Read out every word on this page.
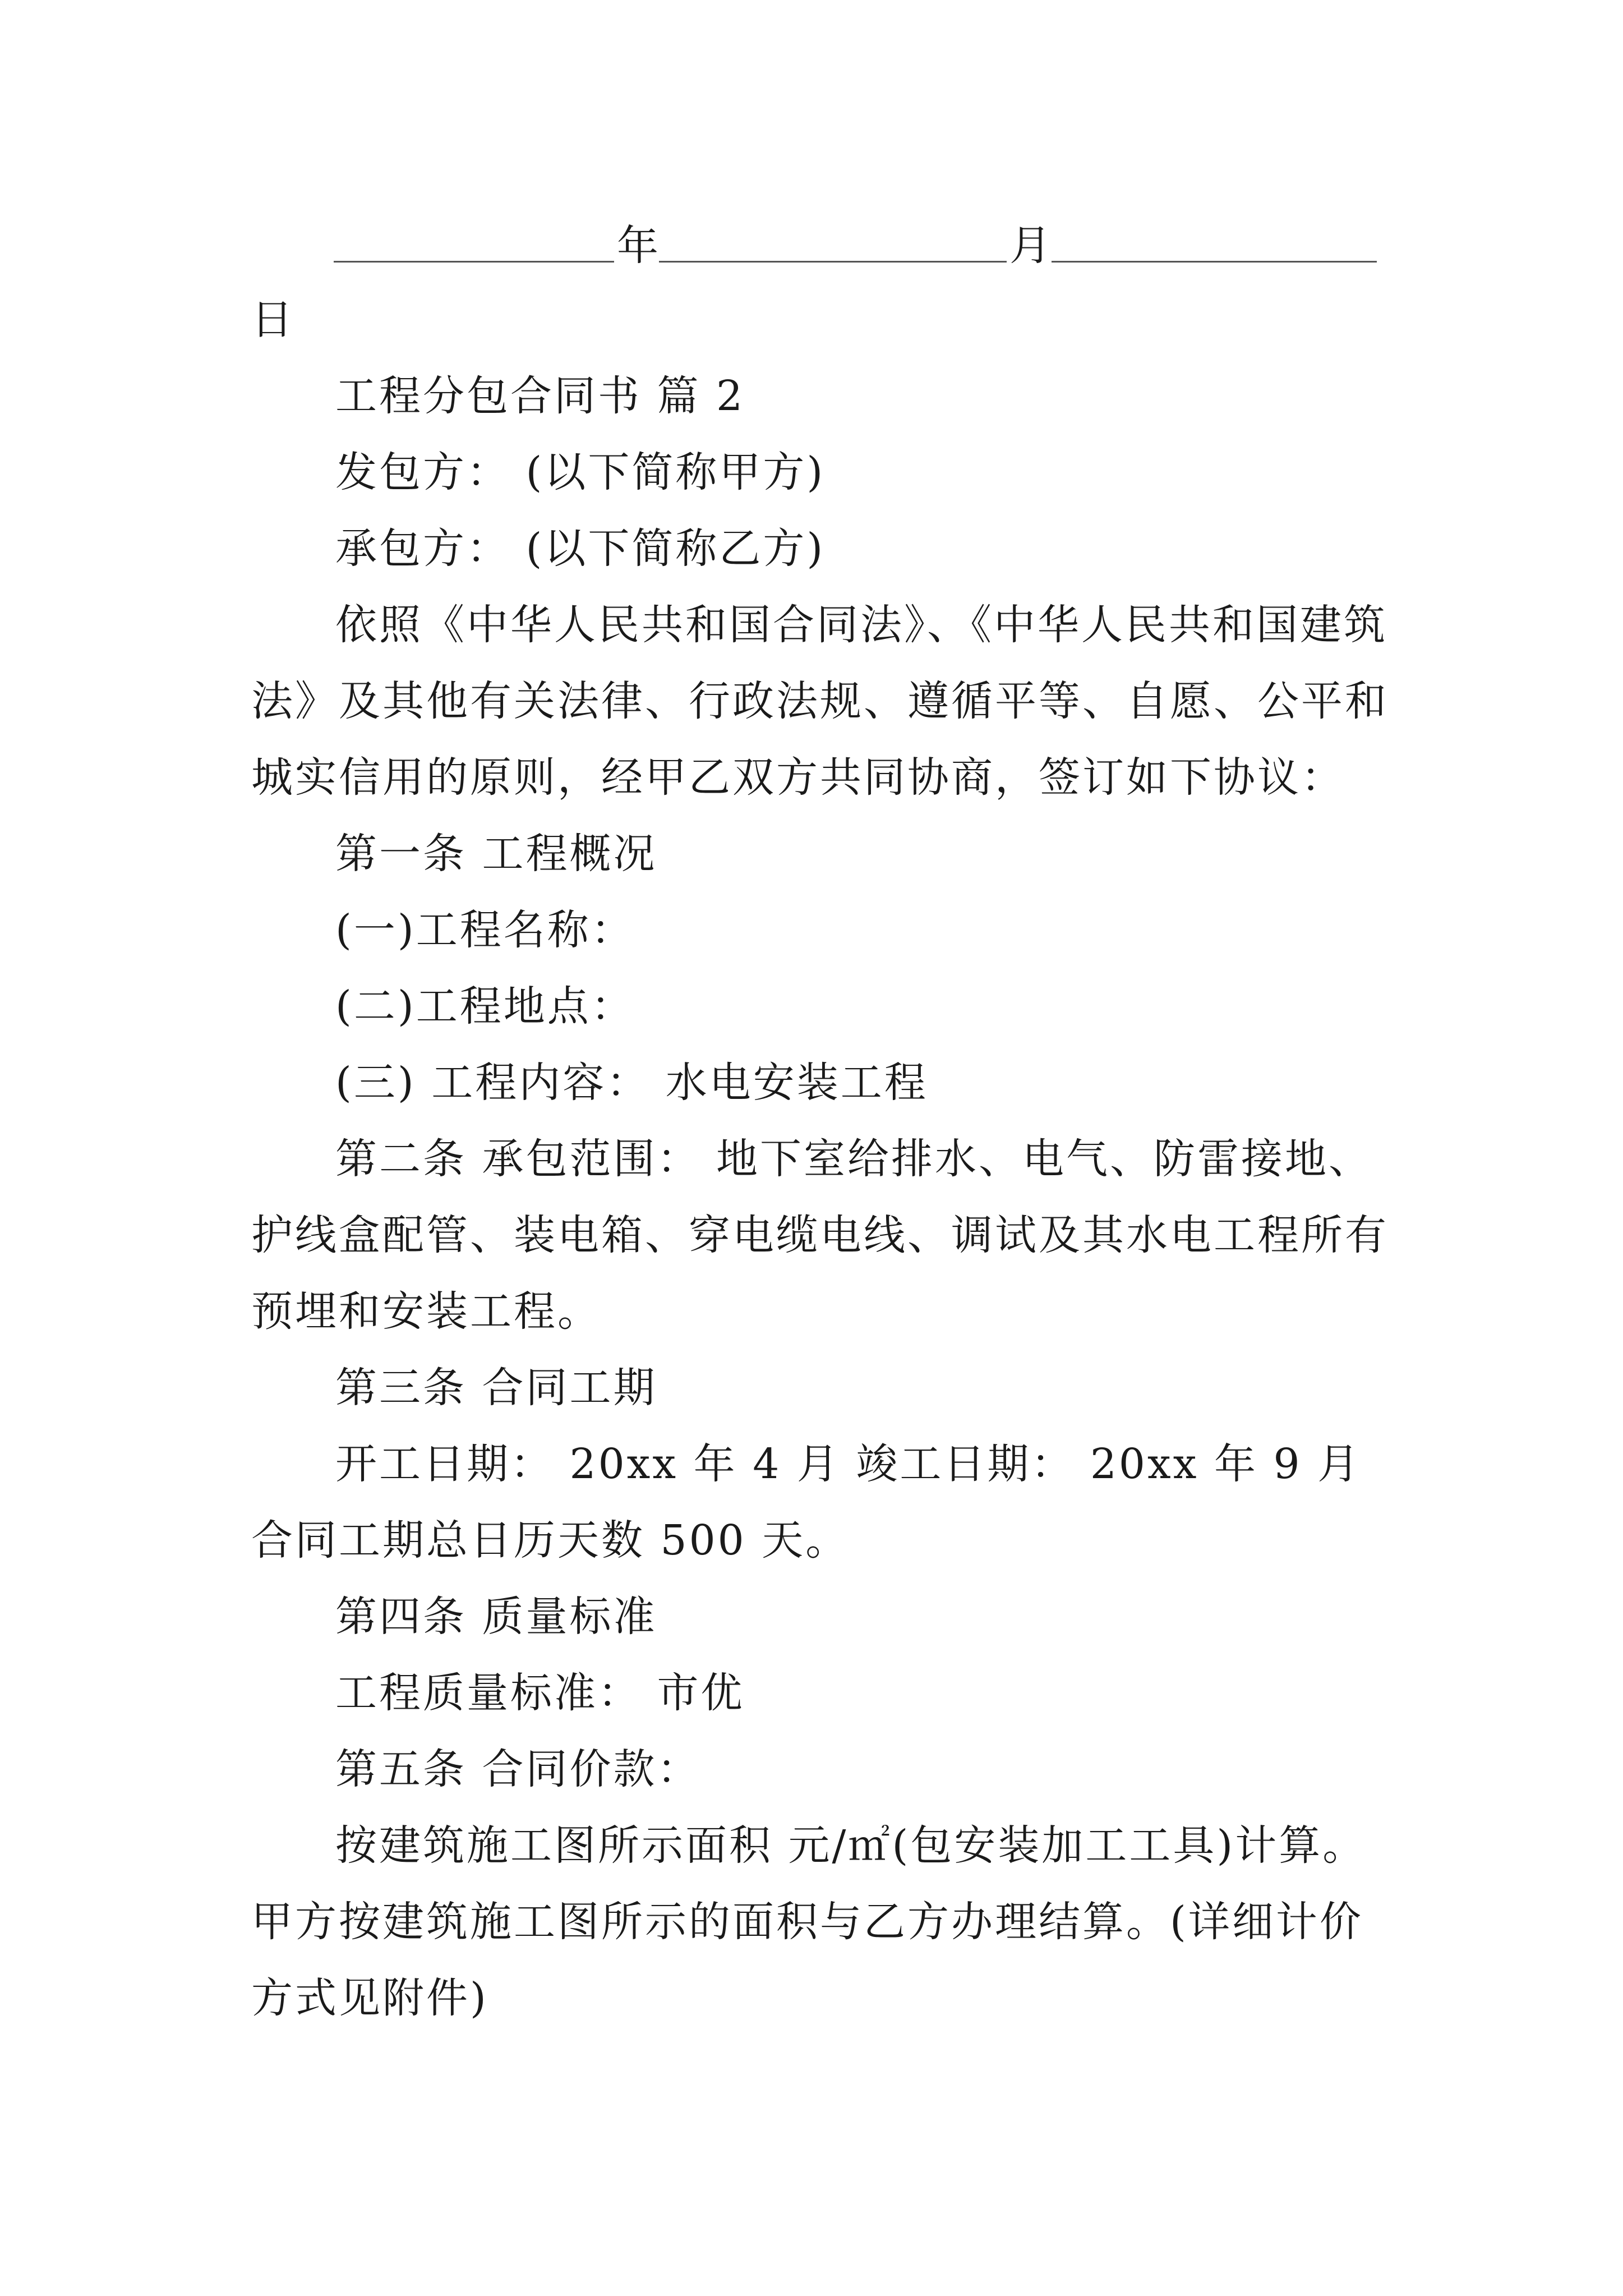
年	月
日
工程分包合同书 篇 2
发包方： (以下简称甲方)
承包方： (以下简称乙方)
依照《中华人民共和国合同法》、《中华人民共和国建筑
法》及其他有关法律、行政法规、遵循平等、自愿、公平和
城实信用的原则，经甲乙双方共同协商，签订如下协议：
第一条 工程概况
(一)工程名称：
(二)工程地点：
(三) 工程内容： 水电安装工程
第二条 承包范围： 地下室给排水、电气、防雷接地、
护线盒配管、装电箱、穿电缆电线、调试及其水电工程所有
预埋和安装工程。
第三条 合同工期
开工日期： 20xx 年 4 月 竣工日期： 20xx 年 9 月
合同工期总日历天数 500 天。
第四条 质量标准
工程质量标准： 市优
第五条 合同价款：
按建筑施工图所示面积 元/㎡(包安装加工工具)计算。
甲方按建筑施工图所示的面积与乙方办理结算。(详细计价
方式见附件)
